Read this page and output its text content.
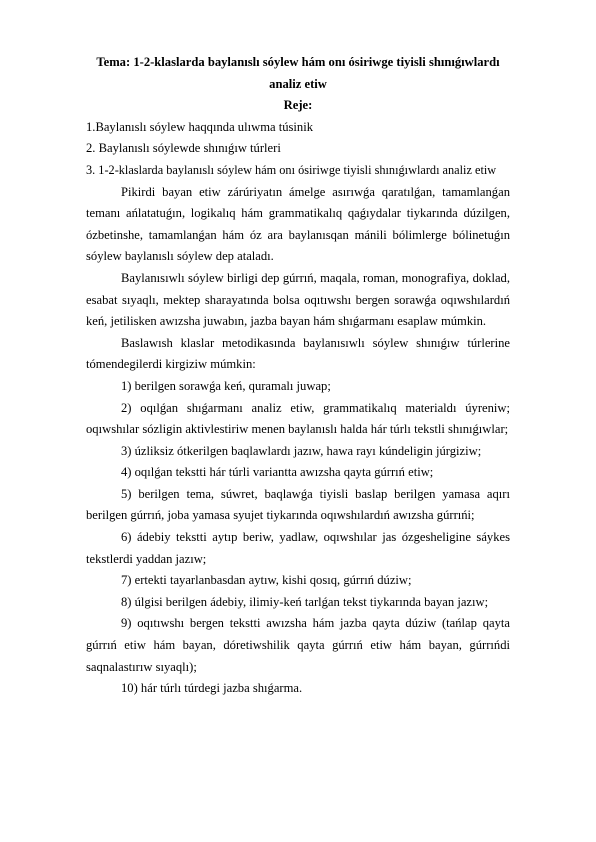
Tema: 1-2-klaslarda baylanıslı sóylew hám onı ósiriwge tiyisli shınıǵıwlardı
analiz etiw

Reje:

1.Baylanıslı sóylew haqqında ulıwma túsinik

2. Baylanıslı sóylewde shınıǵıw túrleri

3. 1-2-klaslarda baylanıslı sóylew hám onı ósiriwge tiyisli shınıǵıwlardı analiz etiw

Pikirdi bayan etiw zárúriyatın ámelge asırıwǵa qaratılǵan, tamamlanǵan temanı ańlatatuǵın, logikalıq hám grammatikalıq qaǵıydalar tiykarında dúzilgen, ózbetinshe, tamamlanǵan hám óz ara baylanısqan mánili bólimlerge bólinetuǵın sóylew baylanıslı sóylew dep ataladı.

Baylanısıwlı sóylew birligi dep gúrrıń, maqala, roman, monografiya, doklad, esabat sıyaqlı, mektep sharayatında bolsa oqıtıwshı bergen sorawǵa oqıwshılardıń keń, jetilisken awızsha juwabın, jazba bayan hám shıǵarmanı esaplaw múmkin.

Baslawısh klaslar metodikasında baylanısıwlı sóylew shınıǵıw túrlerine tómendegilerdi kirgiziw múmkin:

1) berilgen sorawǵa keń, quramalı juwap;

2) oqılǵan shıǵarmanı analiz etiw, grammatikalıq materialdı úyreniw; oqıwshılar sózligin aktivlestiriw menen baylanıslı halda hár túrlı tekstli shınıǵıwlar;

3) úzliksiz ótkerilgen baqlawlardı jazıw, hawa rayı kúndeligin júrgiziw;

4) oqılǵan tekstti hár túrli variantta awızsha qayta gúrrıń etiw;

5) berilgen tema, súwret, baqlawǵa tiyisli baslap berilgen yamasa aqırı berilgen gúrrıń, joba yamasa syujet tiykarında oqıwshılardıń awızsha gúrrıńi;

6) ádebiy tekstti aytıp beriw, yadlaw, oqıwshılar jas ózgesheligine sáykes tekstlerdi yaddan jazıw;

7) ertekti tayarlanbasdan aytıw, kishi qosıq, gúrrıń dúziw;

8) úlgisi berilgen ádebiy, ilimiy-keń tarlǵan tekst tiykarında bayan jazıw;

9) oqıtıwshı bergen tekstti awızsha hám jazba qayta dúziw (tańlap qayta gúrrıń etiw hám bayan, dóretiwshilik qayta gúrrıń etiw hám bayan, gúrrıńdi saqnalastırıw sıyaqlı);

10) hár túrlı túrdegi jazba shıǵarma.
